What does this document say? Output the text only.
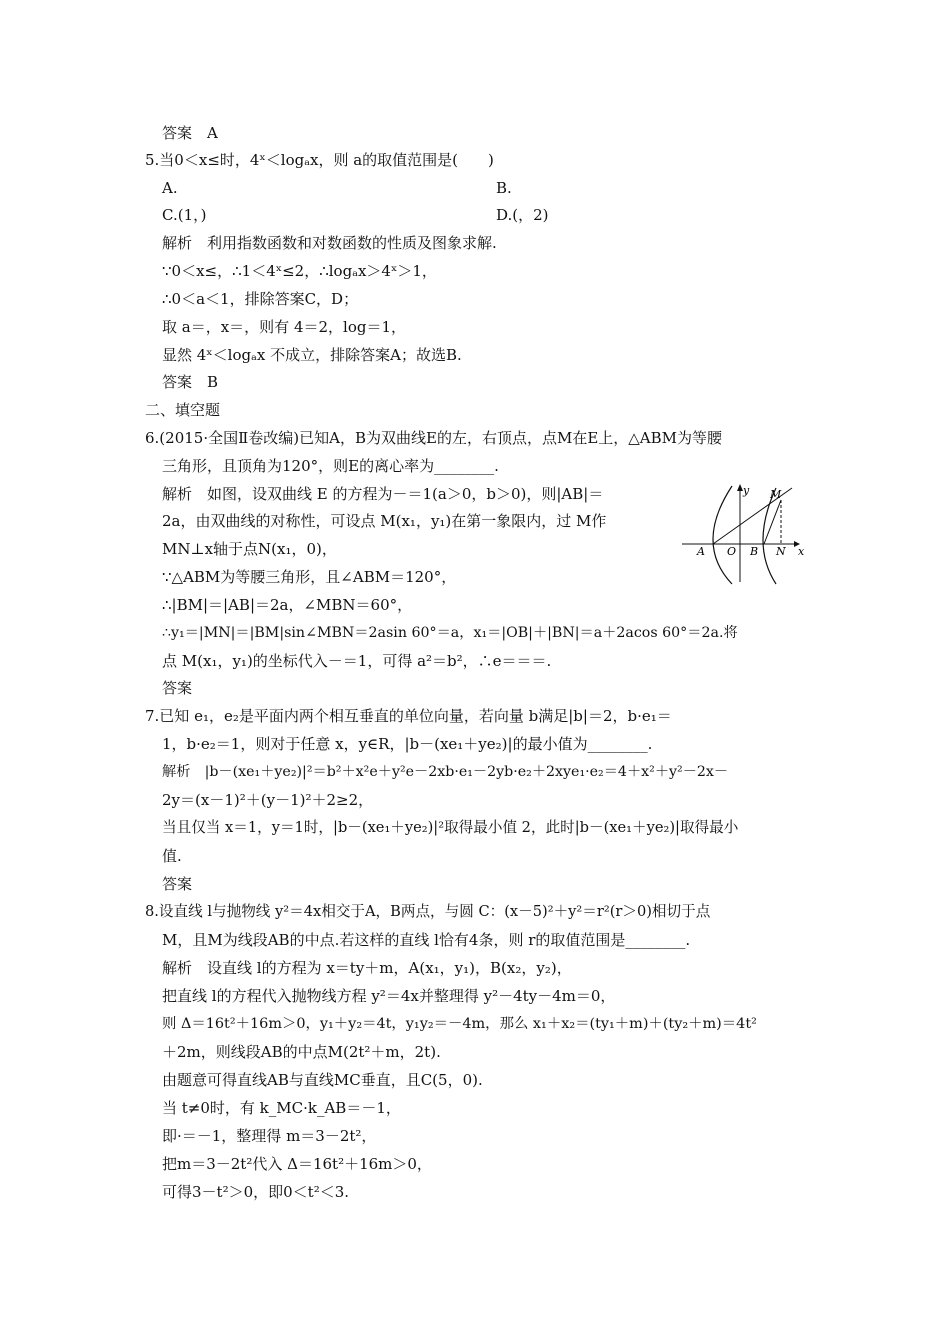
答案　A
5.当0＜x≤时，4ˣ＜logₐx，则 a的取值范围是(　　)
A.	B.
C.(1，)	D.(，2)
解析　利用指数函数和对数函数的性质及图象求解.
∵0＜x≤，∴1＜4ˣ≤2，∴logₐx＞4ˣ＞1，
∴0＜a＜1，排除答案C，D；
取 a＝，x＝，则有 4＝2，log＝1，
显然 4ˣ＜logₐx 不成立，排除答案A；故选B.
答案　B
二、填空题
6.(2015·全国Ⅱ卷改编)已知A，B为双曲线E的左，右顶点，点M在E上，△ABM为等腰
三角形，且顶角为120°，则E的离心率为________.
解析　如图，设双曲线 E 的方程为－＝1(a＞0，b＞0)，则|AB|＝
2a，由双曲线的对称性，可设点 M(x₁，y₁)在第一象限内，过 M作
MN⊥x轴于点N(x₁，0)，
∵△ABM为等腰三角形，且∠ABM＝120°，
∴|BM|＝|AB|＝2a，∠MBN＝60°，
∴y₁＝|MN|＝|BM|sin∠MBN＝2asin 60°＝a，x₁＝|OB|＋|BN|＝a＋2acos 60°＝2a.将
点 M(x₁，y₁)的坐标代入－＝1，可得 a²＝b²，∴e＝＝＝.
答案
7.已知 e₁，e₂是平面内两个相互垂直的单位向量，若向量 b满足|b|＝2，b·e₁＝
1，b·e₂＝1，则对于任意 x，y∈R，|b－(xe₁＋ye₂)|的最小值为________.
解析　|b－(xe₁＋ye₂)|²＝b²＋x²e＋y²e－2xb·e₁－2yb·e₂＋2xye₁·e₂＝4＋x²＋y²－2x－
2y＝(x－1)²＋(y－1)²＋2≥2，
当且仅当 x＝1，y＝1时，|b－(xe₁＋ye₂)|²取得最小值 2，此时|b－(xe₁＋ye₂)|取得最小
值.
答案
8.设直线 l与抛物线 y²＝4x相交于A，B两点，与圆 C：(x－5)²＋y²＝r²(r＞0)相切于点
M，且M为线段AB的中点.若这样的直线 l恰有4条，则 r的取值范围是________.
解析　设直线 l的方程为 x＝ty＋m，A(x₁，y₁)，B(x₂，y₂)，
把直线 l的方程代入抛物线方程 y²＝4x并整理得 y²－4ty－4m＝0，
则 Δ＝16t²＋16m＞0，y₁＋y₂＝4t，y₁y₂＝－4m，那么 x₁＋x₂＝(ty₁＋m)＋(ty₂＋m)＝4t²
＋2m，则线段AB的中点M(2t²＋m，2t).
由题意可得直线AB与直线MC垂直，且C(5，0).
当 t≠0时，有 k_MC·k_AB＝－1，
即·＝－1，整理得 m＝3－2t²，
把m＝3－2t²代入 Δ＝16t²＋16m＞0，
可得3－t²＞0，即0＜t²＜3.
y M
A O B N x
